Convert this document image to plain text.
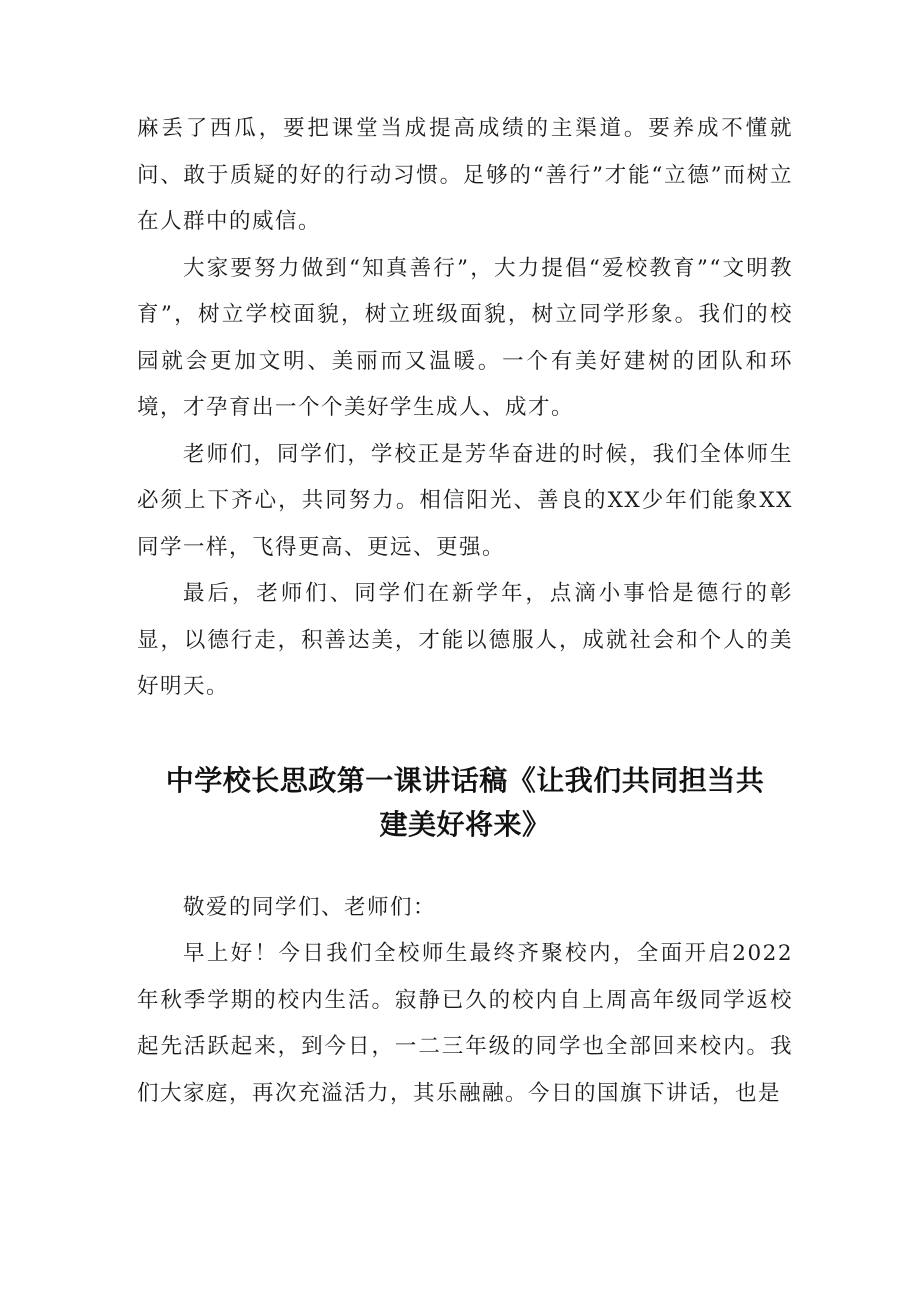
麻丢了西瓜，要把课堂当成提高成绩的主渠道。要养成不懂就问、敢于质疑的好的行动习惯。足够的“善行”才能“立德”而树立在人群中的威信。

大家要努力做到“知真善行”，大力提倡“爱校教育”“文明教育”，树立学校面貌，树立班级面貌，树立同学形象。我们的校园就会更加文明、美丽而又温暖。一个有美好建树的团队和环境，才孕育出一个个美好学生成人、成才。

老师们，同学们，学校正是芳华奋进的时候，我们全体师生必须上下齐心，共同努力。相信阳光、善良的XX少年们能象XX同学一样，飞得更高、更远、更强。

最后，老师们、同学们在新学年，点滴小事恰是德行的彰显，以德行走，积善达美，才能以德服人，成就社会和个人的美好明天。

中学校长思政第一课讲话稿《让我们共同担当共
建美好将来》

敬爱的同学们、老师们：

早上好！今日我们全校师生最终齐聚校内，全面开启2022年秋季学期的校内生活。寂静已久的校内自上周高年级同学返校起先活跃起来，到今日，一二三年级的同学也全部回来校内。我们大家庭，再次充溢活力，其乐融融。今日的国旗下讲话，也是
